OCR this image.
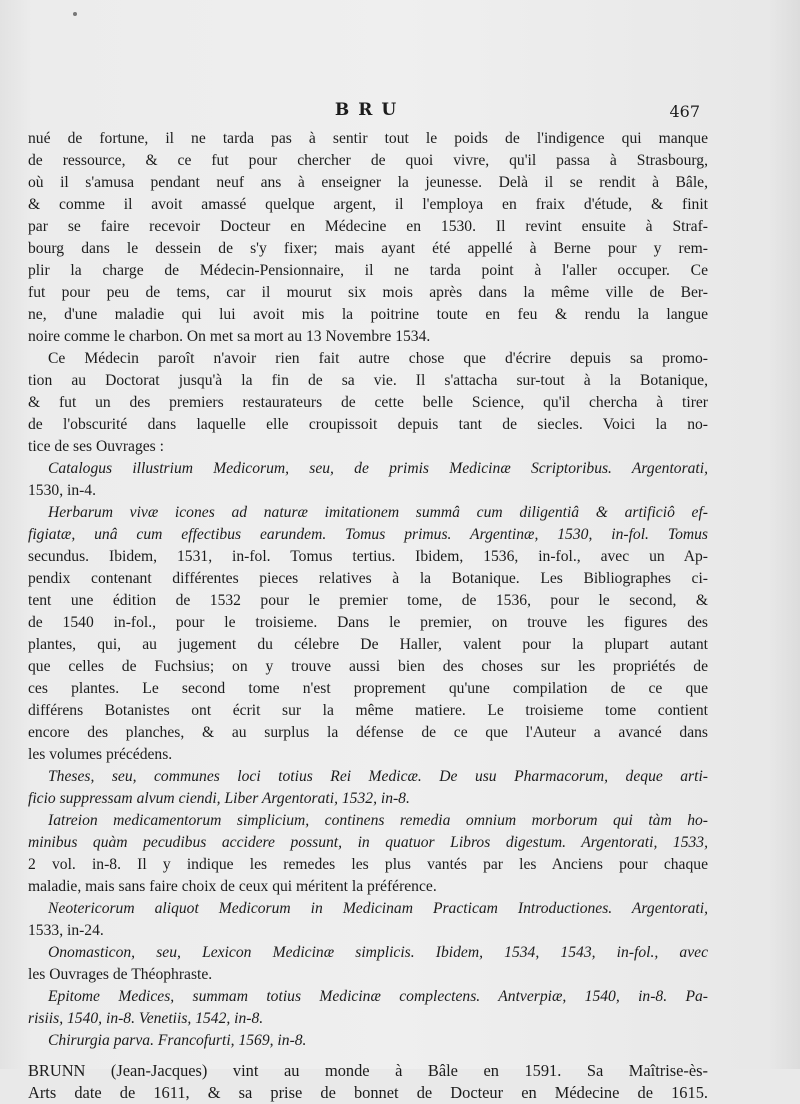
BRU	467
nué de fortune, il ne tarda pas à sentir tout le poids de l'indigence qui manque
de ressource, & ce fut pour chercher de quoi vivre, qu'il passa à Strasbourg,
où il s'amusa pendant neuf ans à enseigner la jeunesse. Delà il se rendit à Bâle,
& comme il avoit amassé quelque argent, il l'employa en fraix d'étude, & finit
par se faire recevoir Docteur en Médecine en 1530. Il revint ensuite à Straf-
bourg dans le dessein de s'y fixer; mais ayant été appellé à Berne pour y rem-
plir la charge de Médecin-Pensionnaire, il ne tarda point à l'aller occuper. Ce
fut pour peu de tems, car il mourut six mois après dans la même ville de Ber-
ne, d'une maladie qui lui avoit mis la poitrine toute en feu & rendu la langue
noire comme le charbon. On met sa mort au 13 Novembre 1534.
Ce Médecin paroît n'avoir rien fait autre chose que d'écrire depuis sa promo-
tion au Doctorat jusqu'à la fin de sa vie. Il s'attacha sur-tout à la Botanique,
& fut un des premiers restaurateurs de cette belle Science, qu'il chercha à tirer
de l'obscurité dans laquelle elle croupissoit depuis tant de siecles. Voici la no-
tice de ses Ouvrages :
Catalogus illustrium Medicorum, seu, de primis Medicinæ Scriptoribus. Argentorati,
1530, in-4.
Herbarum vivæ icones ad naturæ imitationem summâ cum diligentiâ & artificiô ef-
figiatæ, unâ cum effectibus earundem. Tomus primus. Argentinæ, 1530, in-fol. Tomus
secundus. Ibidem, 1531, in-fol. Tomus tertius. Ibidem, 1536, in-fol., avec un Ap-
pendix contenant différentes pieces relatives à la Botanique. Les Bibliographes ci-
tent une édition de 1532 pour le premier tome, de 1536, pour le second, &
de 1540 in-fol., pour le troisieme. Dans le premier, on trouve les figures des
plantes, qui, au jugement du célebre De Haller, valent pour la plupart autant
que celles de Fuchsius; on y trouve aussi bien des choses sur les propriétés de
ces plantes. Le second tome n'est proprement qu'une compilation de ce que
différens Botanistes ont écrit sur la même matiere. Le troisieme tome contient
encore des planches, & au surplus la défense de ce que l'Auteur a avancé dans
les volumes précédens.
Theses, seu, communes loci totius Rei Medicæ. De usu Pharmacorum, deque arti-
ficio suppressam alvum ciendi, Liber Argentorati, 1532, in-8.
Iatreion medicamentorum simplicium, continens remedia omnium morborum qui tàm ho-
minibus quàm pecudibus accidere possunt, in quatuor Libros digestum. Argentorati, 1533,
2 vol. in-8. Il y indique les remedes les plus vantés par les Anciens pour chaque
maladie, mais sans faire choix de ceux qui méritent la préférence.
Neotericorum aliquot Medicorum in Medicinam Practicam Introductiones. Argentorati,
1533, in-24.
Onomasticon, seu, Lexicon Medicinæ simplicis. Ibidem, 1534, 1543, in-fol., avec
les Ouvrages de Théophraste.
Epitome Medices, summam totius Medicinæ complectens. Antverpiæ, 1540, in-8. Pa-
risiis, 1540, in-8. Venetiis, 1542, in-8.
Chirurgia parva. Francofurti, 1569, in-8.
BRUNN (Jean-Jacques) vint au monde à Bâle en 1591. Sa Maîtrise-ès-
Arts date de 1611, & sa prise de bonnet de Docteur en Médecine de 1615.
